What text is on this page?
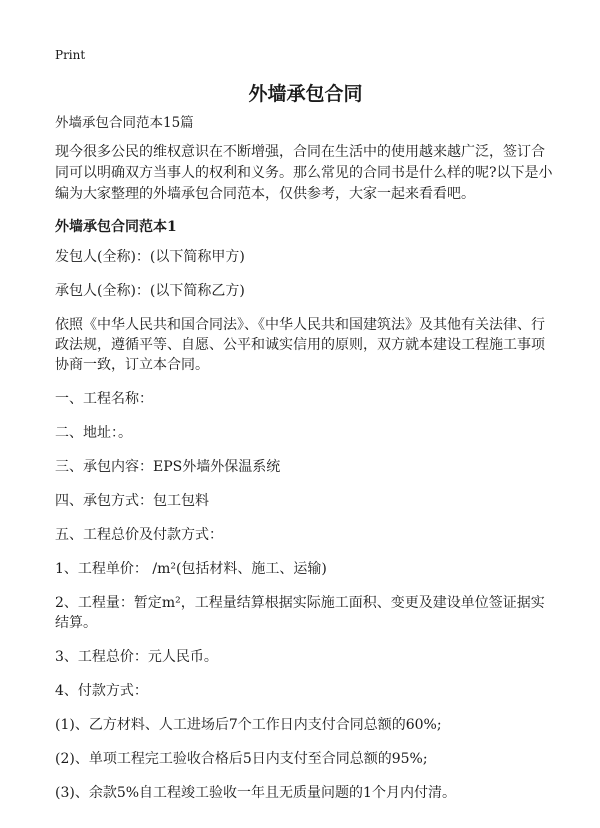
Print
外墙承包合同

外墙承包合同范本15篇

现今很多公民的维权意识在不断增强，合同在生活中的使用越来越广泛，签订合同可以明确双方当事人的权利和义务。那么常见的合同书是什么样的呢?以下是小编为大家整理的外墙承包合同范本，仅供参考，大家一起来看看吧。

外墙承包合同范本1

发包人(全称)：(以下简称甲方)

承包人(全称)：(以下简称乙方)

依照《中华人民共和国合同法》、《中华人民共和国建筑法》及其他有关法律、行政法规，遵循平等、自愿、公平和诚实信用的原则，双方就本建设工程施工事项协商一致，订立本合同。

一、工程名称：

二、地址：。

三、承包内容：EPS外墙外保温系统

四、承包方式：包工包料

五、工程总价及付款方式：

1、工程单价： /m²(包括材料、施工、运输)

2、工程量：暂定m²，工程量结算根据实际施工面积、变更及建设单位签证据实结算。

3、工程总价：元人民币。

4、付款方式：

(1)、乙方材料、人工进场后7个工作日内支付合同总额的60%;

(2)、单项工程完工验收合格后5日内支付至合同总额的95%;

(3)、余款5%自工程竣工验收一年且无质量问题的1个月内付清。
